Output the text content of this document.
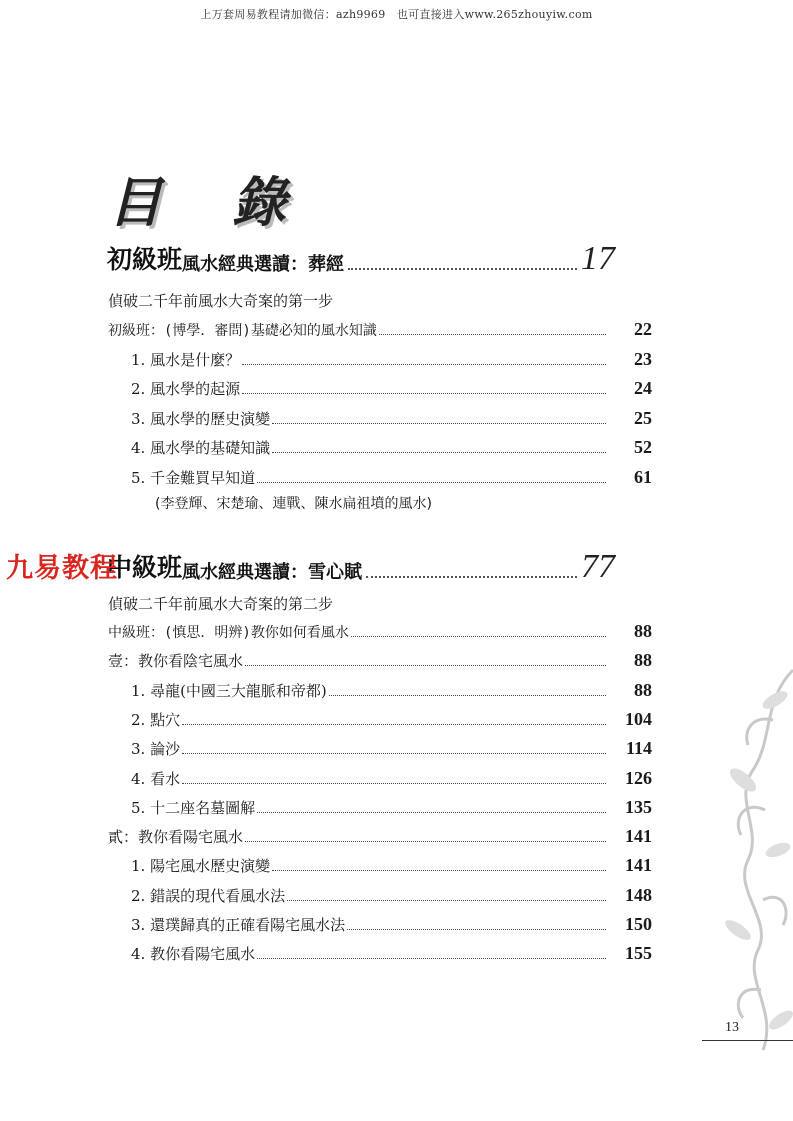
上万套周易教程请加微信：azh9969　也可直接进入www.265zhouyiw.com
目錄
初級班 風水經典選讀：葬經	17
偵破二千年前風水大奇案的第一步
初級班：(博學．審問)基礎必知的風水知識	22
1. 風水是什麼？	23
2. 風水學的起源	24
3. 風水學的歷史演變	25
4. 風水學的基礎知識	52
5. 千金難買早知道	61
(李登輝、宋楚瑜、連戰、陳水扁祖墳的風水)
中級班 風水經典選讀：雪心賦	77
九易教程
偵破二千年前風水大奇案的第二步
中級班：(慎思．明辨)教你如何看風水	88
壹：教你看陰宅風水	88
1. 尋龍(中國三大龍脈和帝都)	88
2. 點穴	104
3. 論沙	114
4. 看水	126
5. 十二座名墓圖解	135
貳：教你看陽宅風水	141
1. 陽宅風水歷史演變	141
2. 錯誤的現代看風水法	148
3. 還璞歸真的正確看陽宅風水法	150
4. 教你看陽宅風水	155
13
